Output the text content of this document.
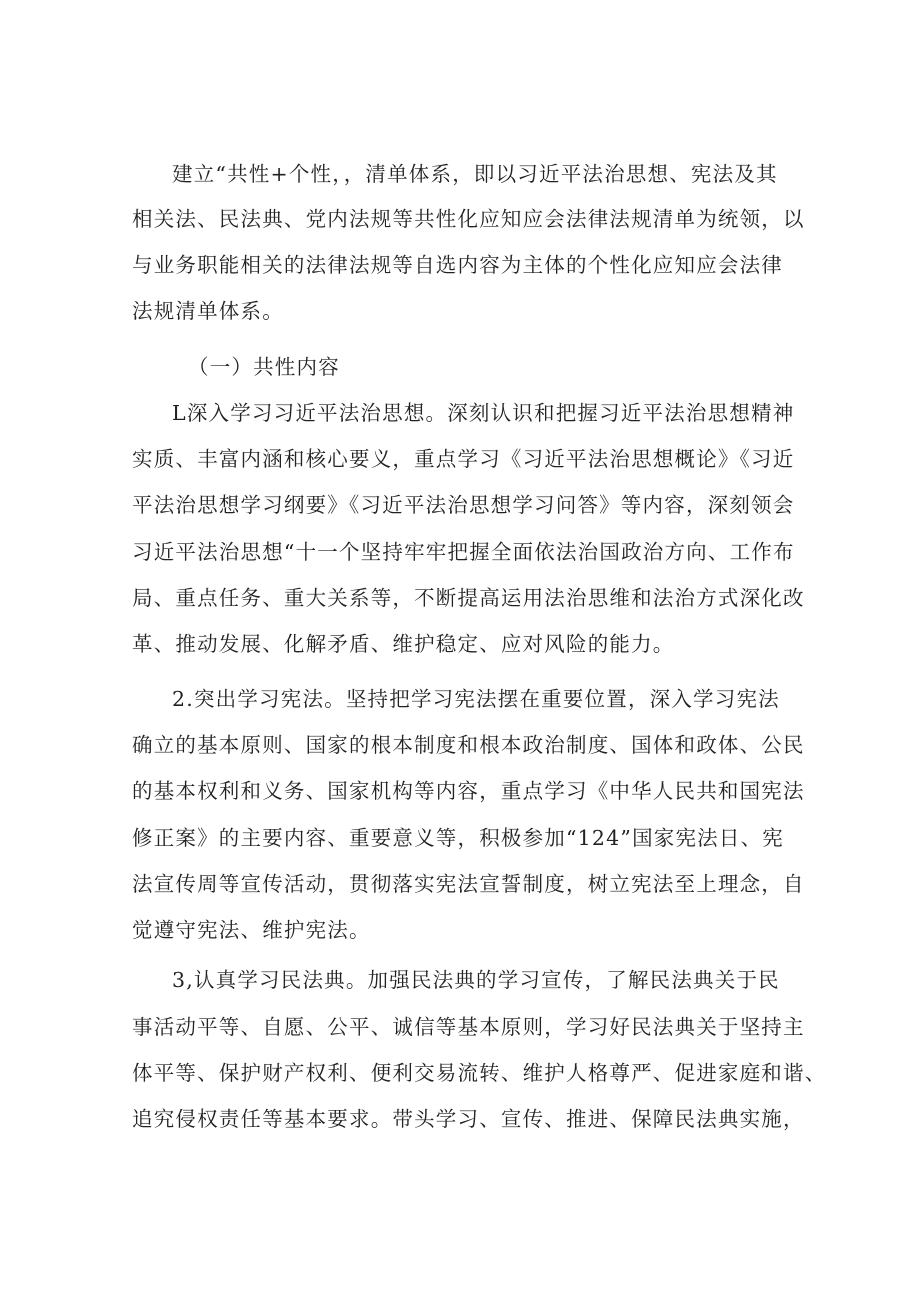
建立“共性+个性，，清单体系，即以习近平法治思想、宪法及其
相关法、民法典、党内法规等共性化应知应会法律法规清单为统领，以
与业务职能相关的法律法规等自选内容为主体的个性化应知应会法律
法规清单体系。
（一）共性内容
L深入学习习近平法治思想。深刻认识和把握习近平法治思想精神
实质、丰富内涵和核心要义，重点学习《习近平法治思想概论》《习近
平法治思想学习纲要》《习近平法治思想学习问答》等内容，深刻领会
习近平法治思想“十一个坚持牢牢把握全面依法治国政治方向、工作布
局、重点任务、重大关系等，不断提高运用法治思维和法治方式深化改
革、推动发展、化解矛盾、维护稳定、应对风险的能力。
2.突出学习宪法。坚持把学习宪法摆在重要位置，深入学习宪法
确立的基本原则、国家的根本制度和根本政治制度、国体和政体、公民
的基本权利和义务、国家机构等内容，重点学习《中华人民共和国宪法
修正案》的主要内容、重要意义等，积极参加“124”国家宪法日、宪
法宣传周等宣传活动，贯彻落实宪法宣誓制度，树立宪法至上理念，自
觉遵守宪法、维护宪法。
3,认真学习民法典。加强民法典的学习宣传，了解民法典关于民
事活动平等、自愿、公平、诚信等基本原则，学习好民法典关于坚持主
体平等、保护财产权利、便利交易流转、维护人格尊严、促进家庭和谐、
追究侵权责任等基本要求。带头学习、宣传、推进、保障民法典实施，
